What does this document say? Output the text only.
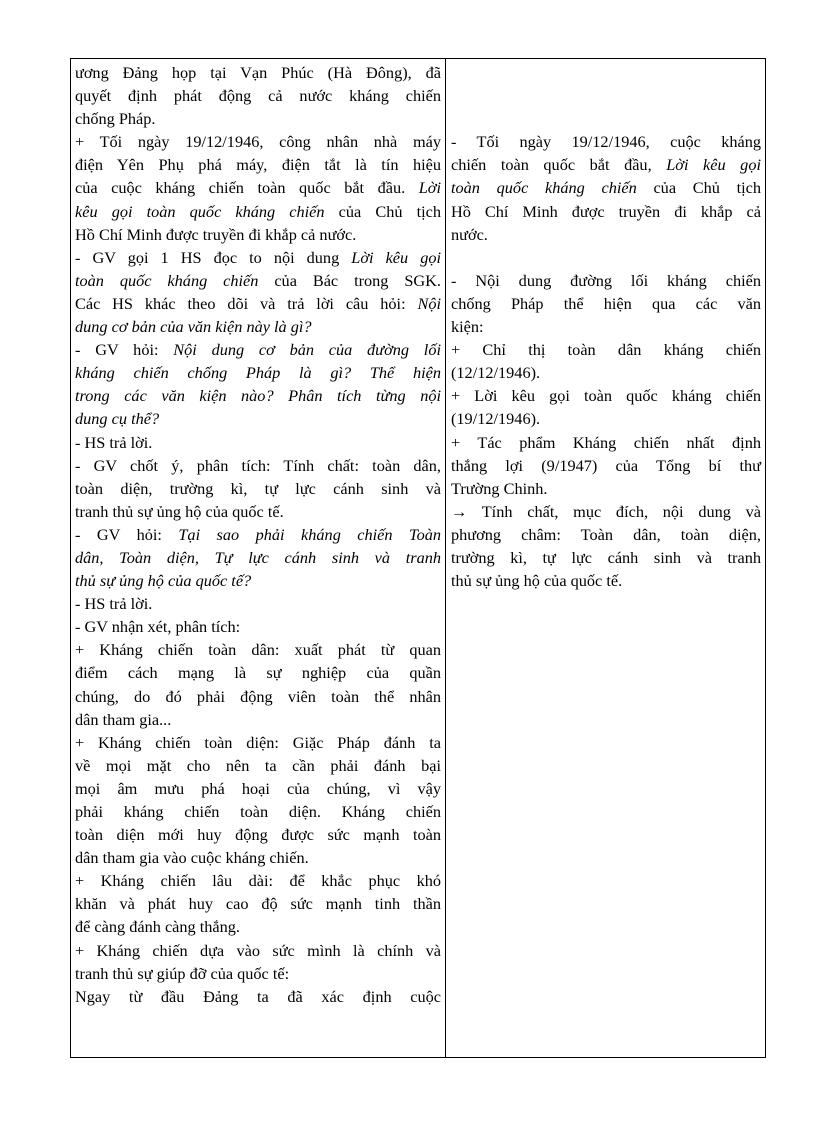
ương Đảng họp tại Vạn Phúc (Hà Đông), đã
quyết định phát động cả nước kháng chiến
chống Pháp.
+ Tối ngày 19/12/1946, công nhân nhà máy
điện Yên Phụ phá máy, điện tắt là tín hiệu
của cuộc kháng chiến toàn quốc bắt đầu. Lời
kêu gọi toàn quốc kháng chiến của Chủ tịch
Hồ Chí Minh được truyền đi khắp cả nước.
- GV gọi 1 HS đọc to nội dung Lời kêu gọi
toàn quốc kháng chiến của Bác trong SGK.
Các HS khác theo dõi và trả lời câu hỏi: Nội
dung cơ bản của văn kiện này là gì?
- GV hỏi: Nội dung cơ bản của đường lối
kháng chiến chống Pháp là gì? Thể hiện
trong các văn kiện nào? Phân tích từng nội
dung cụ thể?
- HS trả lời.
- GV chốt ý, phân tích: Tính chất: toàn dân,
toàn diện, trường kì, tự lực cánh sinh và
tranh thủ sự ủng hộ của quốc tế.
- GV hỏi: Tại sao phải kháng chiến Toàn
dân, Toàn diện, Tự lực cánh sinh và tranh
thủ sự ủng hộ của quốc tế?
- HS trả lời.
- GV nhận xét, phân tích:
+ Kháng chiến toàn dân: xuất phát từ quan
điểm cách mạng là sự nghiệp của quần
chúng, do đó phải động viên toàn thể nhân
dân tham gia...
+ Kháng chiến toàn diện: Giặc Pháp đánh ta
về mọi mặt cho nên ta cần phải đánh bại
mọi âm mưu phá hoại của chúng, vì vậy
phải kháng chiến toàn diện. Kháng chiến
toàn diện mới huy động được sức mạnh toàn
dân tham gia vào cuộc kháng chiến.
+ Kháng chiến lâu dài: để khắc phục khó
khăn và phát huy cao độ sức mạnh tinh thần
để càng đánh càng thắng.
+ Kháng chiến dựa vào sức mình là chính và
tranh thủ sự giúp đỡ của quốc tế:
Ngay từ đầu Đảng ta đã xác định cuộc
- Tối ngày 19/12/1946, cuộc kháng
chiến toàn quốc bắt đầu, Lời kêu gọi
toàn quốc kháng chiến của Chủ tịch
Hồ Chí Minh được truyền đi khắp cả
nước.
- Nội dung đường lối kháng chiến
chống Pháp thể hiện qua các văn
kiện:
+ Chỉ thị toàn dân kháng chiến
(12/12/1946).
+ Lời kêu gọi toàn quốc kháng chiến
(19/12/1946).
+ Tác phẩm Kháng chiến nhất định
thắng lợi (9/1947) của Tổng bí thư
Trường Chinh.
→ Tính chất, mục đích, nội dung và
phương châm: Toàn dân, toàn diện,
trường kì, tự lực cánh sinh và tranh
thủ sự ủng hộ của quốc tế.
